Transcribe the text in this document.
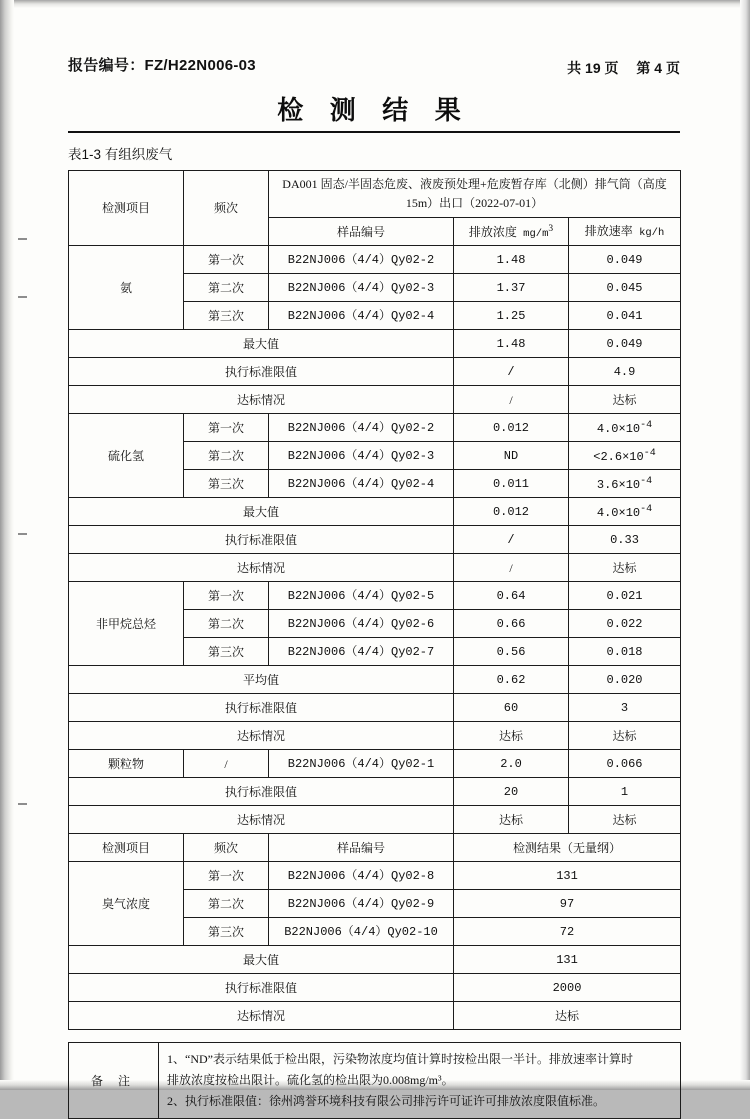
报告编号：FZ/H22N006-03	共 19 页 第 4 页
检 测 结 果
表1-3 有组织废气
检测项目	频次	DA001 固态/半固态危废、液废预处理+危废暂存库（北侧）排气筒（高度15m）出口（2022-07-01）		
		样品编号	排放浓度 $mg/m^3$	排放速率 kg/h
氨	第一次	B22NJ006（4/4）Qy02-2	1.48	0.049
	第二次	B22NJ006（4/4）Qy02-3	1.37	0.045
	第三次	B22NJ006（4/4）Qy02-4	1.25	0.041
最大值			1.48	0.049
执行标准限值			/	4.9
达标情况			/	达标
硫化氢	第一次	B22NJ006（4/4）Qy02-2	0.012	$4.0\times 10^{-4}$
	第二次	B22NJ006（4/4）Qy02-3	ND	$<2.6\times 10^{-4}$
	第三次	B22NJ006（4/4）Qy02-4	0.011	$3.6\times 10^{-4}$
最大值			0.012	$4.0\times 10^{-4}$
执行标准限值			/	0.33
达标情况			/	达标
非甲烷总烃	第一次	B22NJ006（4/4）Qy02-5	0.64	0.021
	第二次	B22NJ006（4/4）Qy02-6	0.66	0.022
	第三次	B22NJ006（4/4）Qy02-7	0.56	0.018
平均值			0.62	0.020
执行标准限值			60	3
达标情况			达标	达标
颗粒物	/	B22NJ006（4/4）Qy02-1	2.0	0.066
执行标准限值			20	1
达标情况			达标	达标
检测项目	频次	样品编号	检测结果（无量纲）	
臭气浓度	第一次	B22NJ006（4/4）Qy02-8	131	
	第二次	B22NJ006（4/4）Qy02-9	97	
	第三次	B22NJ006（4/4）Qy02-10	72	
最大值			131	
执行标准限值			2000	
达标情况			达标	
备 注	
1、“ND”表示结果低于检出限，污染物浓度均值计算时按检出限一半计。排放速率计算时
排放浓度按检出限计。硫化氢的检出限为0.008mg/m³。
2、执行标准限值：徐州鸿誉环境科技有限公司排污许可证许可排放浓度限值标准。
